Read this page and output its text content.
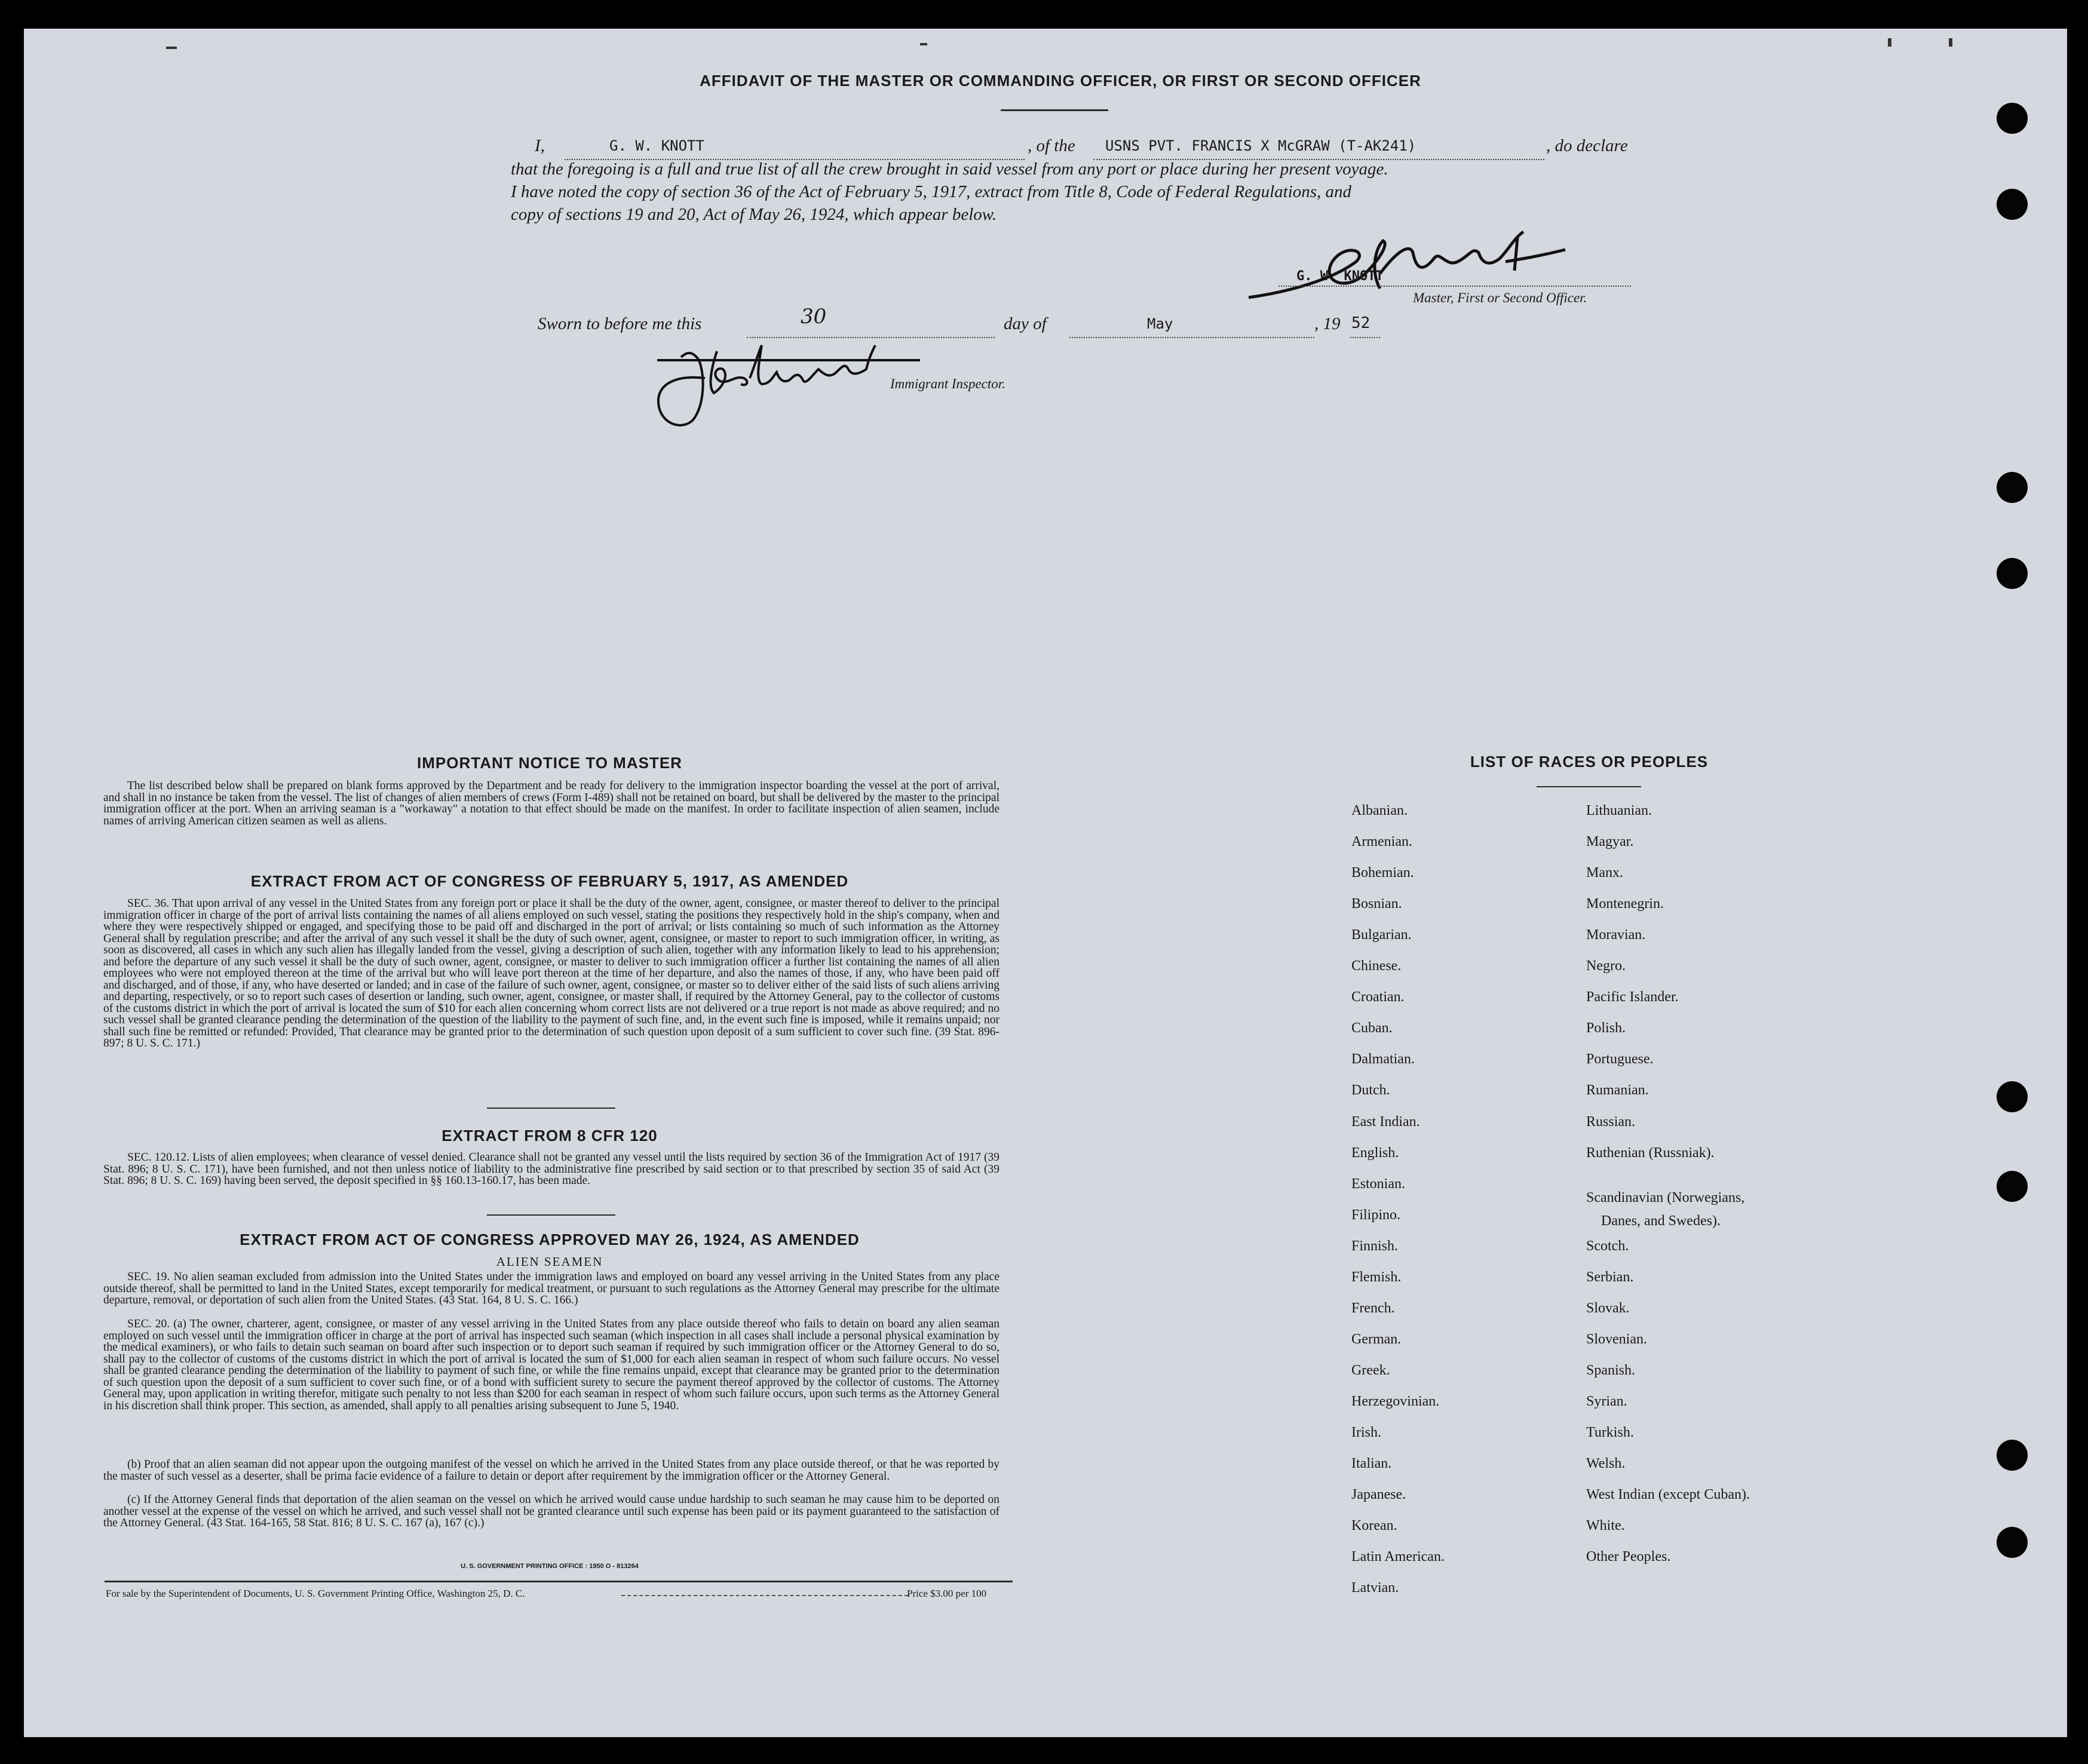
AFFIDAVIT OF THE MASTER OR COMMANDING OFFICER, OR FIRST OR SECOND OFFICER
I,	G. W. KNOTT	, of the USNS PVT. FRANCIS X McGRAW (T-AK241)	, do declare
that the foregoing is a full and true list of all the crew brought in said vessel from any port or place during her present voyage.
I have noted the copy of section 36 of the Act of February 5, 1917, extract from Title 8, Code of Federal Regulations, and
copy of sections 19 and 20, Act of May 26, 1924, which appear below.
G. W. KNOTT
Master, First or Second Officer.
Sworn to before me this	30	day of	May	, 19 52
Immigrant Inspector.
IMPORTANT NOTICE TO MASTER
The list described below shall be prepared on blank forms approved by the Department and be ready for delivery to the immigration inspector boarding the vessel at the port of arrival, and shall in no instance be taken from the vessel. The list of changes of alien members of crews (Form I-489) shall not be retained on board, but shall be delivered by the master to the principal immigration officer at the port. When an arriving seaman is a "workaway" a notation to that effect should be made on the manifest. In order to facilitate inspection of alien seamen, include names of arriving American citizen seamen as well as aliens.
EXTRACT FROM ACT OF CONGRESS OF FEBRUARY 5, 1917, AS AMENDED
SEC. 36. That upon arrival of any vessel in the United States from any foreign port or place it shall be the duty of the owner, agent, consignee, or master thereof to deliver to the principal immigration officer in charge of the port of arrival lists containing the names of all aliens employed on such vessel, stating the positions they respectively hold in the ship's company, when and where they were respectively shipped or engaged, and specifying those to be paid off and discharged in the port of arrival; or lists containing so much of such information as the Attorney General shall by regulation prescribe; and after the arrival of any such vessel it shall be the duty of such owner, agent, consignee, or master to report to such immigration officer, in writing, as soon as discovered, all cases in which any such alien has illegally landed from the vessel, giving a description of such alien, together with any information likely to lead to his apprehension; and before the departure of any such vessel it shall be the duty of such owner, agent, consignee, or master to deliver to such immigration officer a further list containing the names of all alien employees who were not employed thereon at the time of the arrival but who will leave port thereon at the time of her departure, and also the names of those, if any, who have been paid off and discharged, and of those, if any, who have deserted or landed; and in case of the failure of such owner, agent, consignee, or master so to deliver either of the said lists of such aliens arriving and departing, respectively, or so to report such cases of desertion or landing, such owner, agent, consignee, or master shall, if required by the Attorney General, pay to the collector of customs of the customs district in which the port of arrival is located the sum of $10 for each alien concerning whom correct lists are not delivered or a true report is not made as above required; and no such vessel shall be granted clearance pending the determination of the question of the liability to the payment of such fine, and, in the event such fine is imposed, while it remains unpaid; nor shall such fine be remitted or refunded: Provided, That clearance may be granted prior to the determination of such question upon deposit of a sum sufficient to cover such fine. (39 Stat. 896-897; 8 U. S. C. 171.)
EXTRACT FROM 8 CFR 120
SEC. 120.12. Lists of alien employees; when clearance of vessel denied. Clearance shall not be granted any vessel until the lists required by section 36 of the Immigration Act of 1917 (39 Stat. 896; 8 U. S. C. 171), have been furnished, and not then unless notice of liability to the administrative fine prescribed by said section or to that prescribed by section 35 of said Act (39 Stat. 896; 8 U. S. C. 169) having been served, the deposit specified in §§ 160.13-160.17, has been made.
EXTRACT FROM ACT OF CONGRESS APPROVED MAY 26, 1924, AS AMENDED
ALIEN SEAMEN
SEC. 19. No alien seaman excluded from admission into the United States under the immigration laws and employed on board any vessel arriving in the United States from any place outside thereof, shall be permitted to land in the United States, except temporarily for medical treatment, or pursuant to such regulations as the Attorney General may prescribe for the ultimate departure, removal, or deportation of such alien from the United States. (43 Stat. 164, 8 U. S. C. 166.)
SEC. 20. (a) The owner, charterer, agent, consignee, or master of any vessel arriving in the United States from any place outside thereof who fails to detain on board any alien seaman employed on such vessel until the immigration officer in charge at the port of arrival has inspected such seaman (which inspection in all cases shall include a personal physical examination by the medical examiners), or who fails to detain such seaman on board after such inspection or to deport such seaman if required by such immigration officer or the Attorney General to do so, shall pay to the collector of customs of the customs district in which the port of arrival is located the sum of $1,000 for each alien seaman in respect of whom such failure occurs. No vessel shall be granted clearance pending the determination of the liability to payment of such fine, or while the fine remains unpaid, except that clearance may be granted prior to the determination of such question upon the deposit of a sum sufficient to cover such fine, or of a bond with sufficient surety to secure the payment thereof approved by the collector of customs. The Attorney General may, upon application in writing therefor, mitigate such penalty to not less than $200 for each seaman in respect of whom such failure occurs, upon such terms as the Attorney General in his discretion shall think proper. This section, as amended, shall apply to all penalties arising subsequent to June 5, 1940.
(b) Proof that an alien seaman did not appear upon the outgoing manifest of the vessel on which he arrived in the United States from any place outside thereof, or that he was reported by the master of such vessel as a deserter, shall be prima facie evidence of a failure to detain or deport after requirement by the immigration officer or the Attorney General.
(c) If the Attorney General finds that deportation of the alien seaman on the vessel on which he arrived would cause undue hardship to such seaman he may cause him to be deported on another vessel at the expense of the vessel on which he arrived, and such vessel shall not be granted clearance until such expense has been paid or its payment guaranteed to the satisfaction of the Attorney General. (43 Stat. 164-165, 58 Stat. 816; 8 U. S. C. 167 (a), 167 (c).)
U. S. GOVERNMENT PRINTING OFFICE : 1950 O - 813264
For sale by the Superintendent of Documents, U. S. Government Printing Office, Washington 25, D. C.	Price $3.00 per 100
LIST OF RACES OR PEOPLES
Albanian.
Armenian.
Bohemian.
Bosnian.
Bulgarian.
Chinese.
Croatian.
Cuban.
Dalmatian.
Dutch.
East Indian.
English.
Estonian.
Filipino.
Finnish.
Flemish.
French.
German.
Greek.
Herzegovinian.
Irish.
Italian.
Japanese.
Korean.
Latin American.
Latvian.
Lithuanian.
Magyar.
Manx.
Montenegrin.
Moravian.
Negro.
Pacific Islander.
Polish.
Portuguese.
Rumanian.
Russian.
Ruthenian (Russniak).
Scandinavian (Norwegians,
Danes, and Swedes).
Scotch.
Serbian.
Slovak.
Slovenian.
Spanish.
Syrian.
Turkish.
Welsh.
West Indian (except Cuban).
White.
Other Peoples.
